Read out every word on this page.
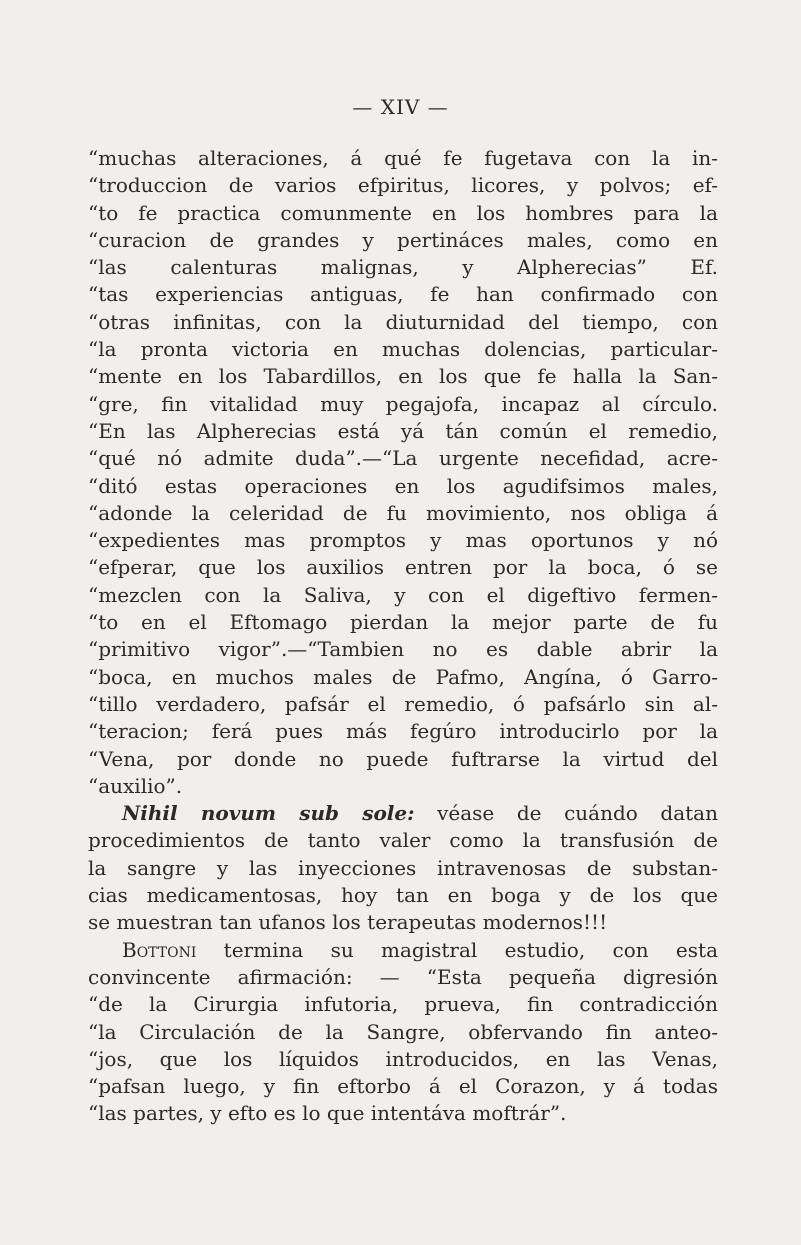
— XIV —
“muchas alteraciones, á qué fe fugetava con la in-
“troduccion de varios efpiritus, licores, y polvos; ef-
“to fe practica comunmente en los hombres para la
“curacion de grandes y pertináces males, como en
“las calenturas malignas, y Alpherecias” Ef.
“tas experiencias antiguas, fe han confirmado con
“otras infinitas, con la diuturnidad del tiempo, con
“la pronta victoria en muchas dolencias, particular-
“mente en los Tabardillos, en los que fe halla la San-
“gre, fin vitalidad muy pegajofa, incapaz al círculo.
“En las Alpherecias está yá tán común el remedio,
“qué nó admite duda”.—“La urgente necefidad, acre-
“ditó estas operaciones en los agudifsimos males,
“adonde la celeridad de fu movimiento, nos obliga á
“expedientes mas promptos y mas oportunos y nó
“efperar, que los auxilios entren por la boca, ó se
“mezclen con la Saliva, y con el digeftivo fermen-
“to en el Eftomago pierdan la mejor parte de fu
“primitivo vigor”.—“Tambien no es dable abrir la
“boca, en muchos males de Pafmo, Angína, ó Garro-
“tillo verdadero, pafsár el remedio, ó pafsárlo sin al-
“teracion; ferá pues más fegúro introducirlo por la
“Vena, por donde no puede fuftrarse la virtud del
“auxilio”.
Nihil novum sub sole: véase de cuándo datan
procedimientos de tanto valer como la transfusión de
la sangre y las inyecciones intravenosas de substan-
cias medicamentosas, hoy tan en boga y de los que
se muestran tan ufanos los terapeutas modernos!!!
Bottoni termina su magistral estudio, con esta
convincente afirmación: — “Esta pequeña digresión
“de la Cirurgia infutoria, prueva, fin contradicción
“la Circulación de la Sangre, obfervando fin anteo-
“jos, que los líquidos introducidos, en las Venas,
“pafsan luego, y fin eftorbo á el Corazon, y á todas
“las partes, y efto es lo que intentáva moftrár”.
